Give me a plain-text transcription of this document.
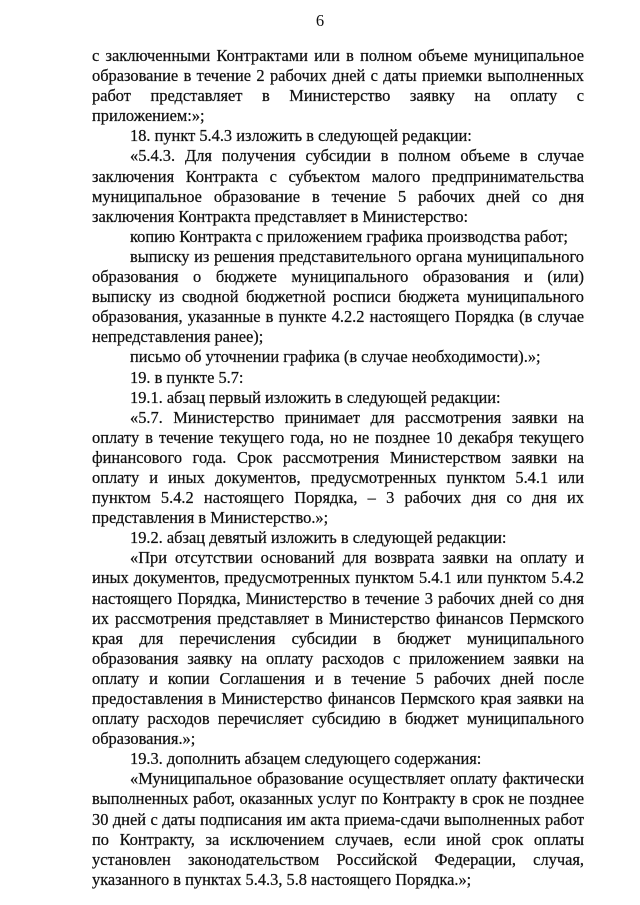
6

с заключенными Контрактами или в полном объеме муниципальное образование в течение 2 рабочих дней с даты приемки выполненных работ представляет в Министерство заявку на оплату с приложением:»;

18. пункт 5.4.3 изложить в следующей редакции:

«5.4.3. Для получения субсидии в полном объеме в случае заключения Контракта с субъектом малого предпринимательства муниципальное образование в течение 5 рабочих дней со дня заключения Контракта представляет в Министерство:

копию Контракта с приложением графика производства работ;

выписку из решения представительного органа муниципального образования о бюджете муниципального образования и (или) выписку из сводной бюджетной росписи бюджета муниципального образования, указанные в пункте 4.2.2 настоящего Порядка (в случае непредставления ранее);

письмо об уточнении графика (в случае необходимости).»;

19. в пункте 5.7:

19.1. абзац первый изложить в следующей редакции:

«5.7. Министерство принимает для рассмотрения заявки на оплату в течение текущего года, но не позднее 10 декабря текущего финансового года. Срок рассмотрения Министерством заявки на оплату и иных документов, предусмотренных пунктом 5.4.1 или пунктом 5.4.2 настоящего Порядка, – 3 рабочих дня со дня их представления в Министерство.»;

19.2. абзац девятый изложить в следующей редакции:

«При отсутствии оснований для возврата заявки на оплату и иных документов, предусмотренных пунктом 5.4.1 или пунктом 5.4.2 настоящего Порядка, Министерство в течение 3 рабочих дней со дня их рассмотрения представляет в Министерство финансов Пермского края для перечисления субсидии в бюджет муниципального образования заявку на оплату расходов с приложением заявки на оплату и копии Соглашения и в течение 5 рабочих дней после предоставления в Министерство финансов Пермского края заявки на оплату расходов перечисляет субсидию в бюджет муниципального образования.»;

19.3. дополнить абзацем следующего содержания:

«Муниципальное образование осуществляет оплату фактически выполненных работ, оказанных услуг по Контракту в срок не позднее 30 дней с даты подписания им акта приема-сдачи выполненных работ по Контракту, за исключением случаев, если иной срок оплаты установлен законодательством Российской Федерации, случая, указанного в пунктах 5.4.3, 5.8 настоящего Порядка.»;
